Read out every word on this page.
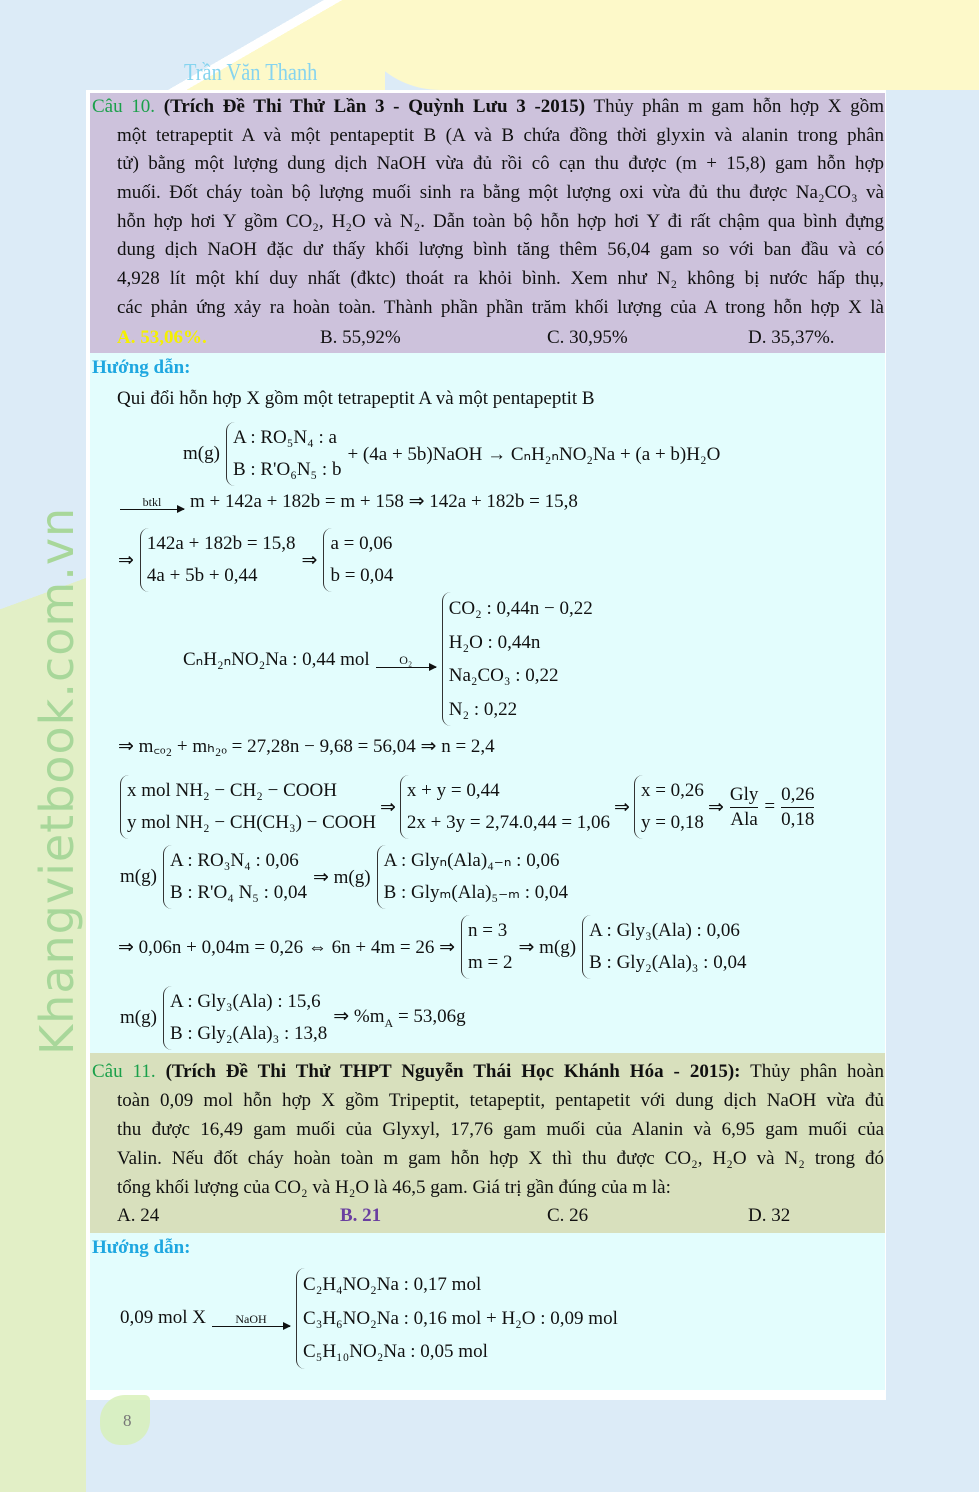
Khangvietbook.com.vn
Trần Văn Thanh
Câu 10. (Trích Đề Thi Thử Lần 3 - Quỳnh Lưu 3 -2015) Thủy phân m gam hỗn hợp X gồm
một tetrapeptit A và một pentapeptit B (A và B chứa đồng thời glyxin và alanin trong phân
tử) bằng một lượng dung dịch NaOH vừa đủ rồi cô cạn thu được (m + 15,8) gam hỗn hợp
muối. Đốt cháy toàn bộ lượng muối sinh ra bằng một lượng oxi vừa đủ thu được Na₂CO₃ và
hỗn hợp hơi Y gồm CO₂, H₂O và N₂. Dẫn toàn bộ hỗn hợp hơi Y đi rất chậm qua bình đựng
dung dịch NaOH đặc dư thấy khối lượng bình tăng thêm 56,04 gam so với ban đầu và có
4,928 lít một khí duy nhất (đktc) thoát ra khỏi bình. Xem như N₂ không bị nước hấp thụ,
các phản ứng xảy ra hoàn toàn. Thành phần phần trăm khối lượng của A trong hỗn hợp X là
A. 53,06%.	B. 55,92%	C. 30,95%	D. 35,37%.
Hướng dẫn:
Qui đổi hỗn hợp X gồm một tetrapeptit A và một pentapeptit B
m(g)
A : RO₅N₄ : a
B : R'O₆N₅ : b
+ (4a + 5b)NaOH → CₙH₂ₙNO₂Na + (a + b)H₂O
btkl	m + 142a + 182b = m + 158 ⇒ 142a + 182b = 15,8
⇒
142a + 182b = 15,8
4a + 5b + 0,44
⇒
a = 0,06
b = 0,04
CₙH₂ₙNO₂Na : 0,44 mol	O₂
CO₂ : 0,44n − 0,22
H₂O : 0,44n
Na₂CO₃ : 0,22
N₂ : 0,22
⇒ m꜀ₒ₂ + mₕ₂ₒ = 27,28n − 9,68 = 56,04 ⇒ n = 2,4
x mol NH₂ − CH₂ − COOH
y mol NH₂ − CH(CH₃) − COOH
⇒
x + y = 0,44
2x + 3y = 2,74.0,44 = 1,06
⇒
x = 0,26
y = 0,18
⇒ $\frac{\text{Gly}}{\text{Ala}} = \frac{0,26}{0,18}$
m(g)
A : RO₃N₄ : 0,06
B : R'O₄ N₅ : 0,04
⇒ m(g)
A : Glyₙ(Ala)₄₋ₙ : 0,06
B : Glyₘ(Ala)₅₋ₘ : 0,04
⇒ 0,06n + 0,04m = 0,26 ⇔ 6n + 4m = 26 ⇒
n = 3
m = 2
⇒ m(g)
A : Gly₃(Ala) : 0,06
B : Gly₂(Ala)₃ : 0,04
m(g)
A : Gly₃(Ala) : 15,6
B : Gly₂(Ala)₃ : 13,8
⇒ $\%m_A = 53,06g$
Câu 11. (Trích Đề Thi Thử THPT Nguyễn Thái Học Khánh Hóa - 2015): Thủy phân hoàn
toàn 0,09 mol hỗn hợp X gồm Tripeptit, tetapeptit, pentapetit với dung dịch NaOH vừa đủ
thu được 16,49 gam muối của Glyxyl, 17,76 gam muối của Alanin và 6,95 gam muối của
Valin. Nếu đốt cháy hoàn toàn m gam hỗn hợp X thì thu được CO₂, H₂O và N₂ trong đó
tổng khối lượng của CO₂ và H₂O là 46,5 gam. Giá trị gần đúng của m là:
A. 24	B. 21	C. 26	D. 32
Hướng dẫn:
0,09 mol X	NaOH
C₂H₄NO₂Na : 0,17 mol
C₃H₆NO₂Na : 0,16 mol + H₂O : 0,09 mol
C₅H₁₀NO₂Na : 0,05 mol
8
